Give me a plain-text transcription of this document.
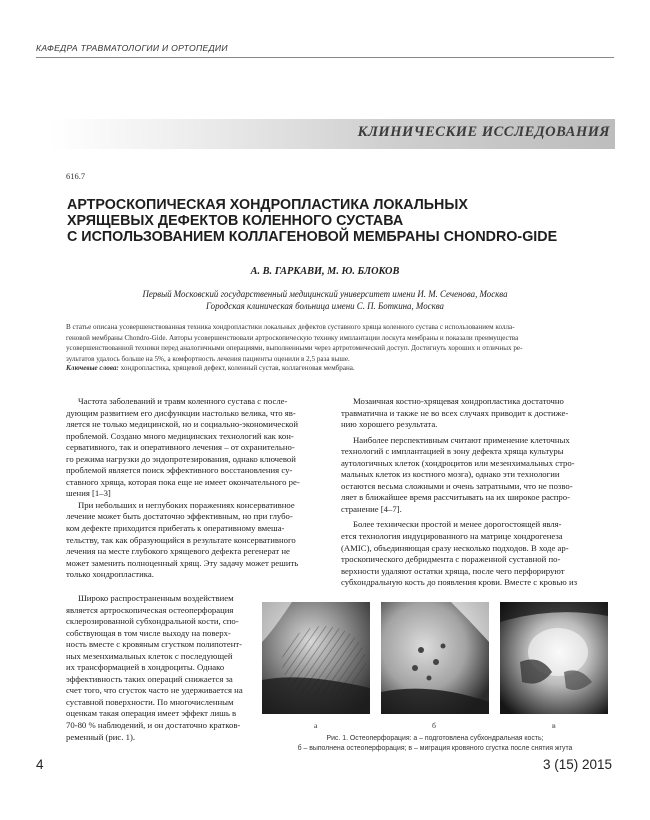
КАФЕДРА ТРАВМАТОЛОГИИ И ОРТОПЕДИИ
КЛИНИЧЕСКИЕ ИССЛЕДОВАНИЯ
616.7
АРТРОСКОПИЧЕСКАЯ ХОНДРОПЛАСТИКА ЛОКАЛЬНЫХ
ХРЯЩЕВЫХ ДЕФЕКТОВ КОЛЕННОГО СУСТАВА
С ИСПОЛЬЗОВАНИЕМ КОЛЛАГЕНОВОЙ МЕМБРАНЫ CHONDRO-GIDE
А. В. ГАРКАВИ, М. Ю. БЛОКОВ
Первый Московский государственный медицинский университет имени И. М. Сеченова, Москва
Городская клиническая больница имени С. П. Боткина, Москва
В статье описана усовершенствованная техника хондропластики локальных дефектов суставного хряща коленного сустава с использованием колла-
геновой мембраны Chondro-Gide. Авторы усовершенствовали артроскопическую технику имплантации лоскута мембраны и показали преимущества
усовершенствованной техники перед аналогичными операциями, выполненными через артротомический доступ. Достигнуть хороших и отличных ре-
зультатов удалось больше на 5%, а комфортность лечения пациенты оценили в 2,5 раза выше.
Ключевые слова: хондропластика, хрящевой дефект, коленный сустав, коллагеновая мембрана.
Частота заболеваний и травм коленного сустава с после-
дующим развитием его дисфункции настолько велика, что яв-
ляется не только медицинской, но и социально-экономической
проблемой. Создано много медицинских технологий как кон-
сервативного, так и оперативного лечения – от охранительно-
го режима нагрузки до эндопротезирования, однако ключевой
проблемой является поиск эффективного восстановления су-
ставного хряща, которая пока еще не имеет окончательного ре-
шения [1–3]
При небольших и неглубоких поражениях консервативное
лечение может быть достаточно эффективным, но при глубо-
ком дефекте приходится прибегать к оперативному вмеша-
тельству, так как образующийся в результате консервативного
лечения на месте глубокого хрящевого дефекта регенерат не
может заменить полноценный хрящ. Эту задачу может решить
только хондропластика.
Широко распространенным воздействием
является артроскопическая остеоперфорация
склерозированной субхондральной кости, спо-
собствующая в том числе выходу на поверх-
ность вместе с кровяным сгустком полипотент-
ных мезенхимальных клеток с последующей
их трансформацией в хондроциты. Однако
эффективность таких операций снижается за
счет того, что сгусток часто не удерживается на
суставной поверхности. По многочисленным
оценкам такая операция имеет эффект лишь в
70-80 % наблюдений, и он достаточно кратков-
ременный (рис. 1).
Мозаичная костно-хрящевая хондропластика достаточно
травматична и также не во всех случаях приводит к достиже-
нию хорошего результата.
Наиболее перспективным считают применение клеточных
технологий с имплантацией в зону дефекта хряща культуры
аутологичных клеток (хондроцитов или мезенхимальных стро-
мальных клеток из костного мозга), однако эти технологии
остаются весьма сложными и очень затратными, что не позво-
ляет в ближайшее время рассчитывать на их широкое распро-
странение [4–7].
Более технически простой и менее дорогостоящей явля-
ется технология индуцированного на матрице хондрогенеза
(AMIC), объединяющая сразу несколько подходов. В ходе ар-
троскопического дебридмента с пораженной суставной по-
верхности удаляют остатки хряща, после чего перфорируют
субхондральную кость до появления крови. Вместе с кровью из
а	б	в
Рис. 1. Остеоперфорация: а – подготовлена субхондральная кость;
б – выполнена остеоперфорация; в – миграция кровяного сгустка после снятия жгута
4	3 (15) 2015
